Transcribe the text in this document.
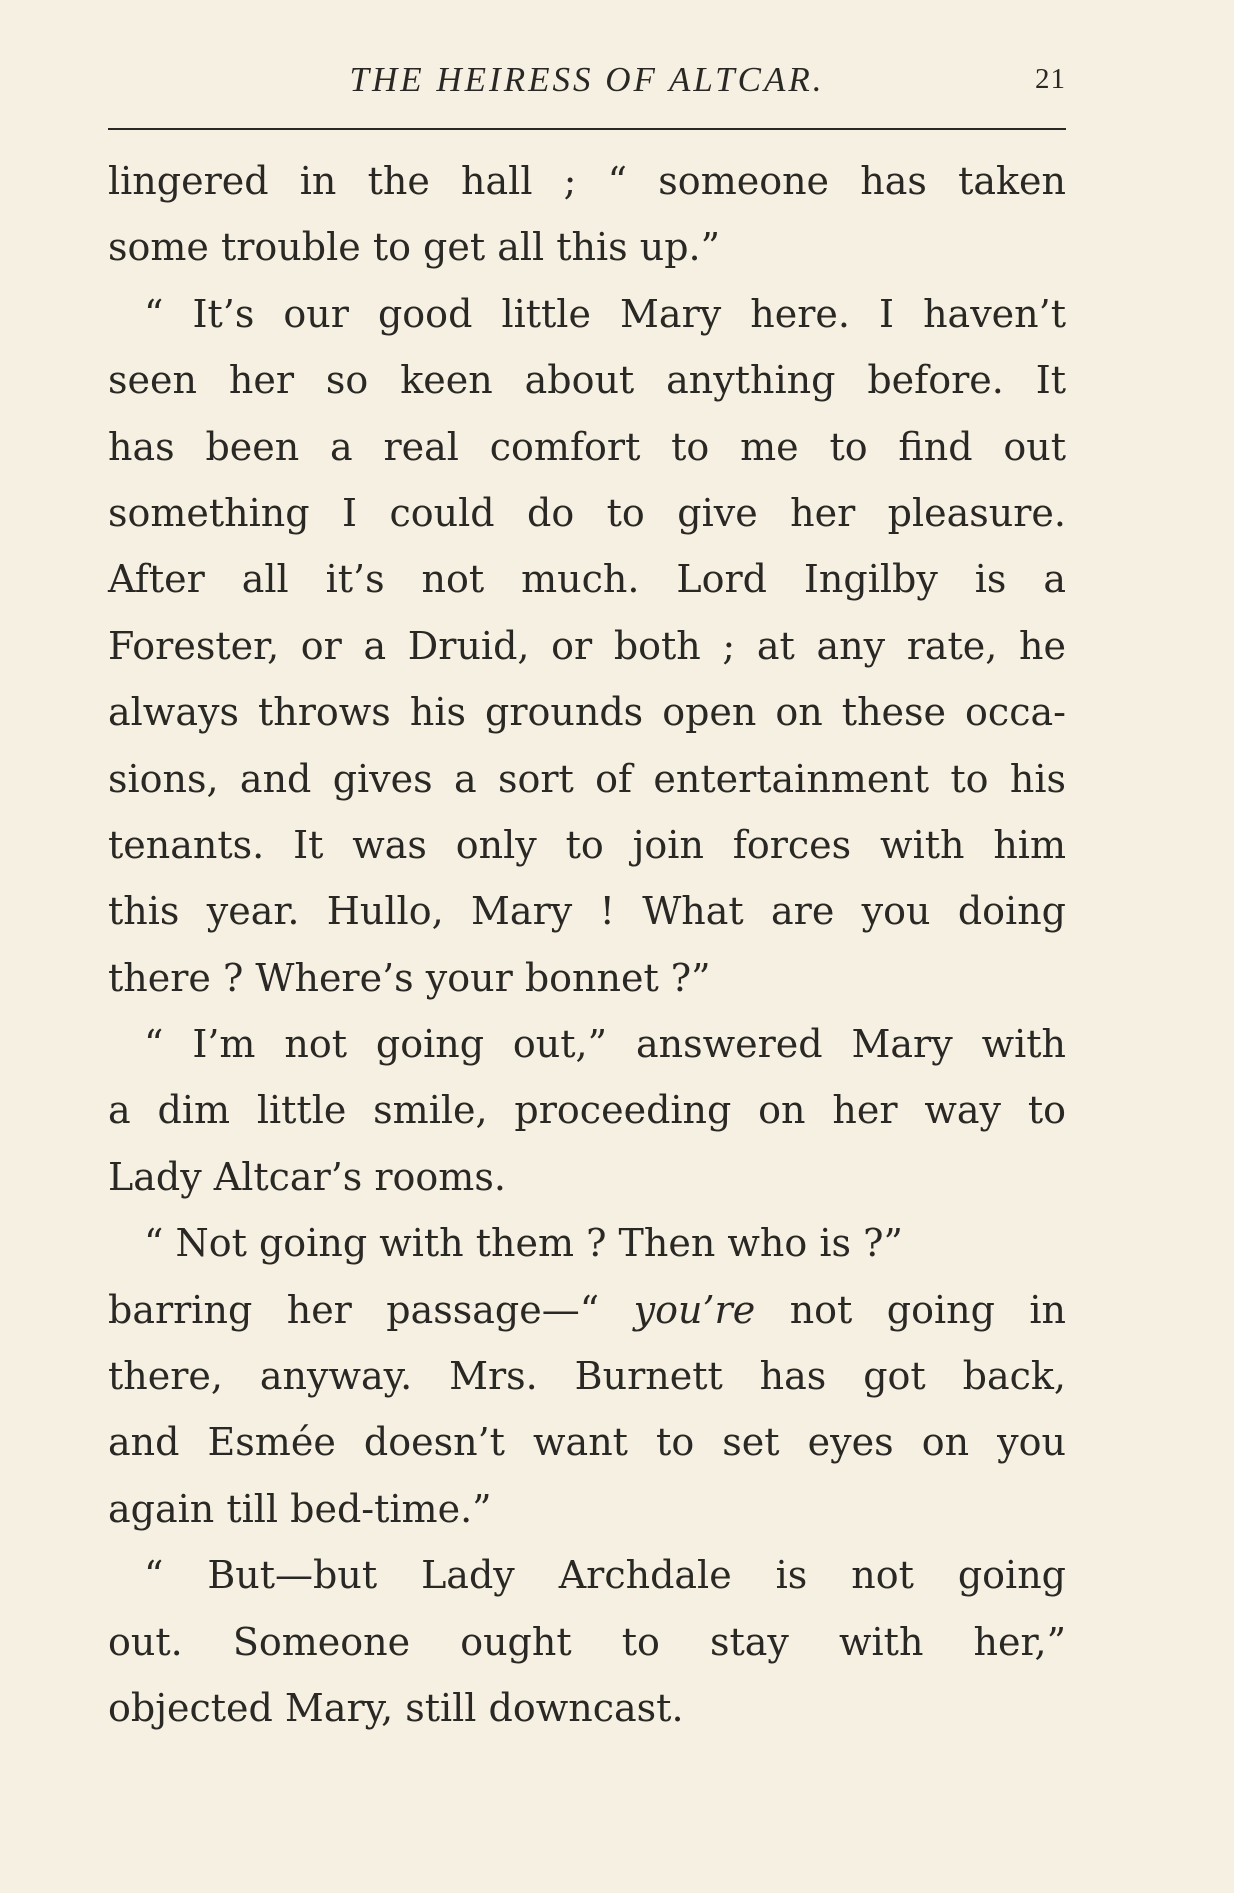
THE HEIRESS OF ALTCAR.	21
lingered in the hall ; “ someone has taken
some trouble to get all this up.”
“ It’s our good little Mary here. I haven’t
seen her so keen about anything before. It
has been a real comfort to me to find out
something I could do to give her pleasure.
After all it’s not much. Lord Ingilby is a
Forester, or a Druid, or both ; at any rate, he
always throws his grounds open on these occa-
sions, and gives a sort of entertainment to his
tenants. It was only to join forces with him
this year. Hullo, Mary ! What are you doing
there ? Where’s your bonnet ?”
“ I’m not going out,” answered Mary with
a dim little smile, proceeding on her way to
Lady Altcar’s rooms.
“ Not going with them ? Then who is ?”
barring her passage—“ you’re not going in
there, anyway. Mrs. Burnett has got back,
and Esmée doesn’t want to set eyes on you
again till bed-time.”
“ But—but Lady Archdale is not going
out. Someone ought to stay with her,”
objected Mary, still downcast.
